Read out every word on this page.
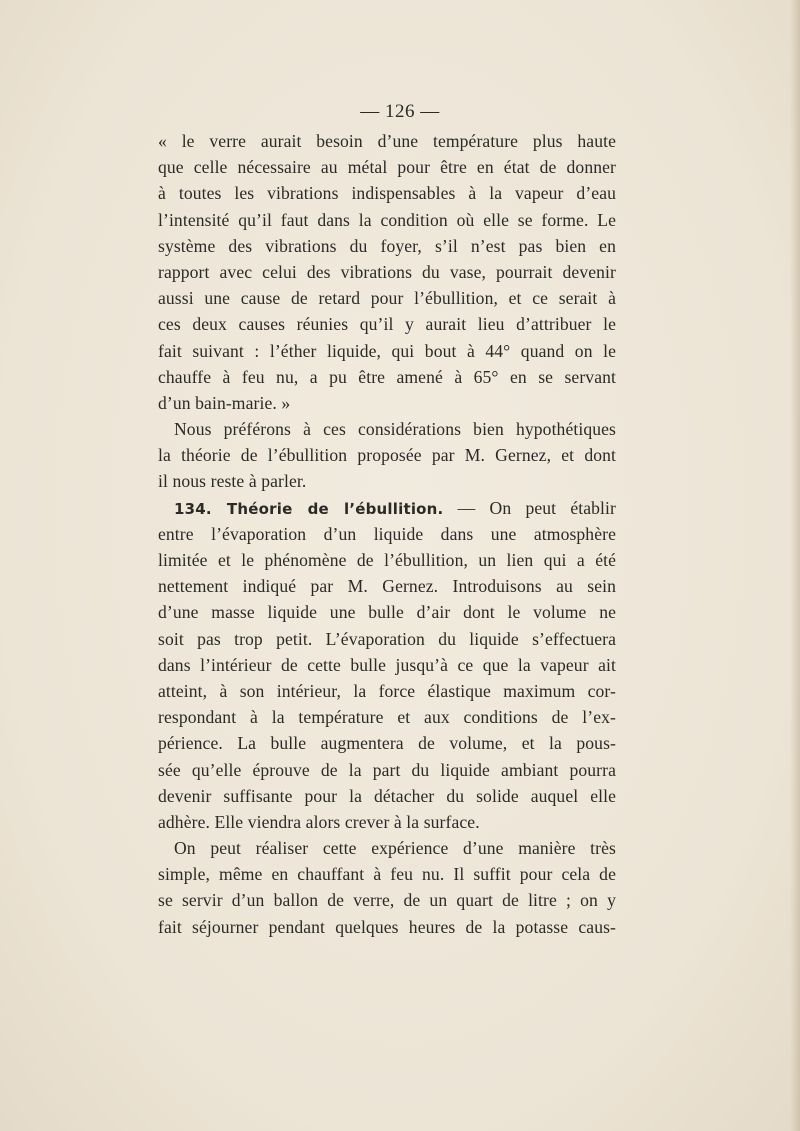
— 126 —
« le verre aurait besoin d’une température plus haute
que celle nécessaire au métal pour être en état de donner
à toutes les vibrations indispensables à la vapeur d’eau
l’intensité qu’il faut dans la condition où elle se forme. Le
système des vibrations du foyer, s’il n’est pas bien en
rapport avec celui des vibrations du vase, pourrait devenir
aussi une cause de retard pour l’ébullition, et ce serait à
ces deux causes réunies qu’il y aurait lieu d’attribuer le
fait suivant : l’éther liquide, qui bout à 44° quand on le
chauffe à feu nu, a pu être amené à 65° en se servant
d’un bain-marie. »
Nous préférons à ces considérations bien hypothétiques
la théorie de l’ébullition proposée par M. Gernez, et dont
il nous reste à parler.
134. Théorie de l’ébullition. — On peut établir
entre l’évaporation d’un liquide dans une atmosphère
limitée et le phénomène de l’ébullition, un lien qui a été
nettement indiqué par M. Gernez. Introduisons au sein
d’une masse liquide une bulle d’air dont le volume ne
soit pas trop petit. L’évaporation du liquide s’effectuera
dans l’intérieur de cette bulle jusqu’à ce que la vapeur ait
atteint, à son intérieur, la force élastique maximum cor-
respondant à la température et aux conditions de l’ex-
périence. La bulle augmentera de volume, et la pous-
sée qu’elle éprouve de la part du liquide ambiant pourra
devenir suffisante pour la détacher du solide auquel elle
adhère. Elle viendra alors crever à la surface.
On peut réaliser cette expérience d’une manière très
simple, même en chauffant à feu nu. Il suffit pour cela de
se servir d’un ballon de verre, de un quart de litre ; on y
fait séjourner pendant quelques heures de la potasse caus-
